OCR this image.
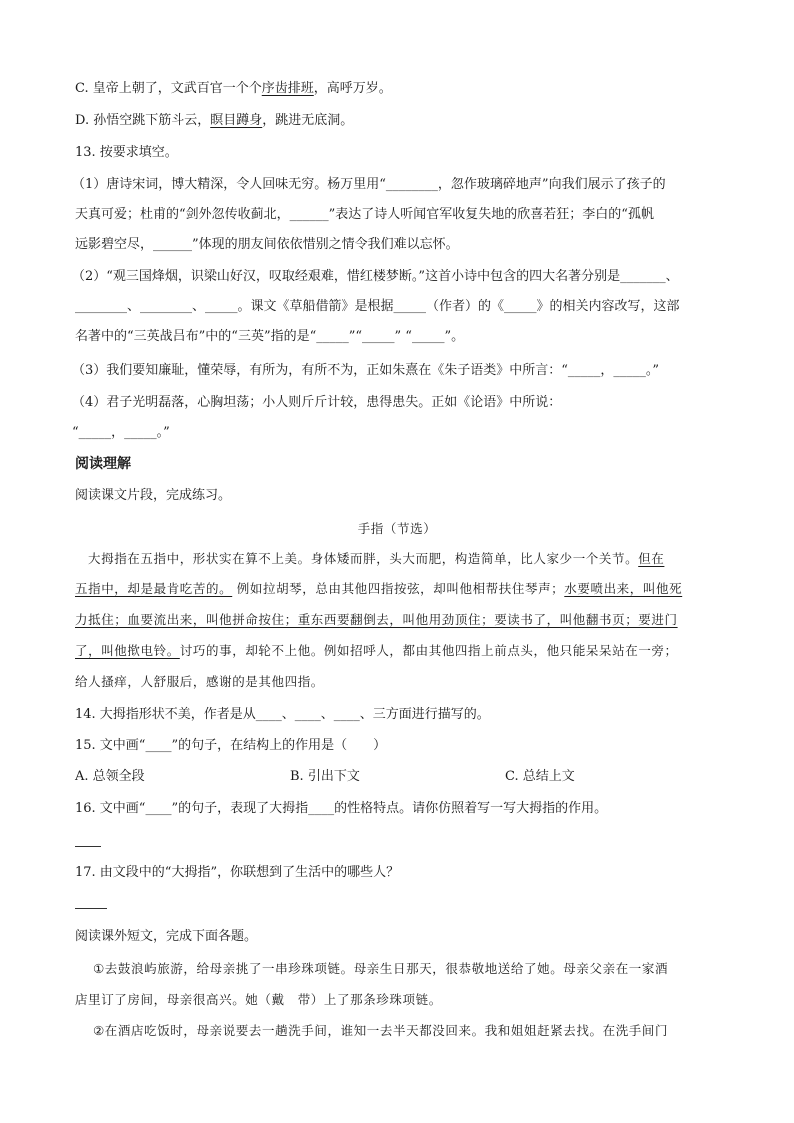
C. 皇帝上朝了，文武百官一个个序齿排班，高呼万岁。
D. 孙悟空跳下筋斗云，瞑目蹲身，跳进无底洞。
13. 按要求填空。
（1）唐诗宋词，博大精深，令人回味无穷。杨万里用“________，忽作玻璃碎地声”向我们展示了孩子的
天真可爱；杜甫的“剑外忽传收蓟北，______”表达了诗人听闻官军收复失地的欣喜若狂；李白的“孤帆
远影碧空尽，______”体现的朋友间依依惜别之情令我们难以忘怀。
（2）“观三国烽烟，识梁山好汉，叹取经艰难，惜红楼梦断。”这首小诗中包含的四大名著分别是_______、
________、________、_____。课文《草船借箭》是根据_____（作者）的《_____》的相关内容改写，这部
名著中的“三英战吕布”中的“三英”指的是“_____”“_____” “_____”。
（3）我们要知廉耻，懂荣辱，有所为，有所不为，正如朱熹在《朱子语类》中所言：“_____，_____。”
（4）君子光明磊落，心胸坦荡；小人则斤斤计较，患得患失。正如《论语》中所说：
“_____，_____。”
阅读理解
阅读课文片段，完成练习。
手指（节选）
大拇指在五指中，形状实在算不上美。身体矮而胖，头大而肥，构造简单，比人家少一个关节。但在
五指中，却是最肯吃苦的。 例如拉胡琴，总由其他四指按弦，却叫他相帮扶住琴声；水要喷出来，叫他死
力抵住；血要流出来，叫他拼命按住；重东西要翻倒去，叫他用劲顶住；要读书了，叫他翻书页；要进门
了，叫他揿电铃。讨巧的事，却轮不上他。例如招呼人，都由其他四指上前点头，他只能呆呆站在一旁；
给人搔痒，人舒服后，感谢的是其他四指。
14. 大拇指形状不美，作者是从____、____、____、三方面进行描写的。
15. 文中画“____”的句子，在结构上的作用是（　　）
A. 总领全段	B. 引出下文	C. 总结上文
16. 文中画“____”的句子，表现了大拇指____的性格特点。请你仿照着写一写大拇指的作用。
17. 由文段中的“大拇指”，你联想到了生活中的哪些人？
阅读课外短文，完成下面各题。
①去鼓浪屿旅游，给母亲挑了一串珍珠项链。母亲生日那天，很恭敬地送给了她。母亲父亲在一家酒
店里订了房间，母亲很高兴。她（戴　带）上了那条珍珠项链。
②在酒店吃饭时，母亲说要去一趟洗手间，谁知一去半天都没回来。我和姐姐赶紧去找。在洗手间门
